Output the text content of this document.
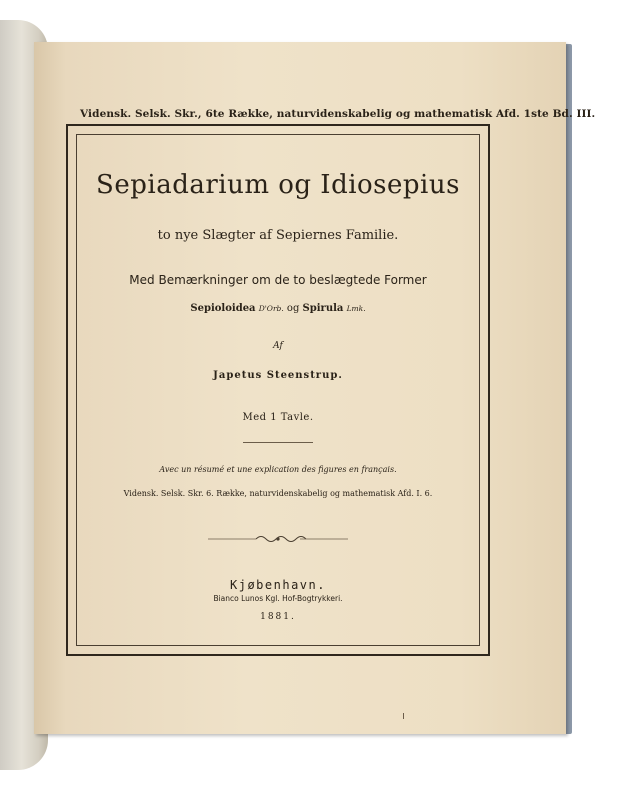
Vidensk. Selsk. Skr., 6te Række, naturvidenskabelig og mathematisk Afd. 1ste Bd. III.
Sepiadarium og Idiosepius
to nye Slægter af Sepiernes Familie.
Med Bemærkninger om de to beslægtede Former
Sepioloidea D'Orb. og Spirula Lmk.
Af
Japetus Steenstrup.
Med 1 Tavle.
Avec un résumé et une explication des figures en français.
Vidensk. Selsk. Skr. 6. Række, naturvidenskabelig og mathematisk Afd. I. 6.
Kjøbenhavn.
Bianco Lunos Kgl. Hof-Bogtrykkeri.
1881.
